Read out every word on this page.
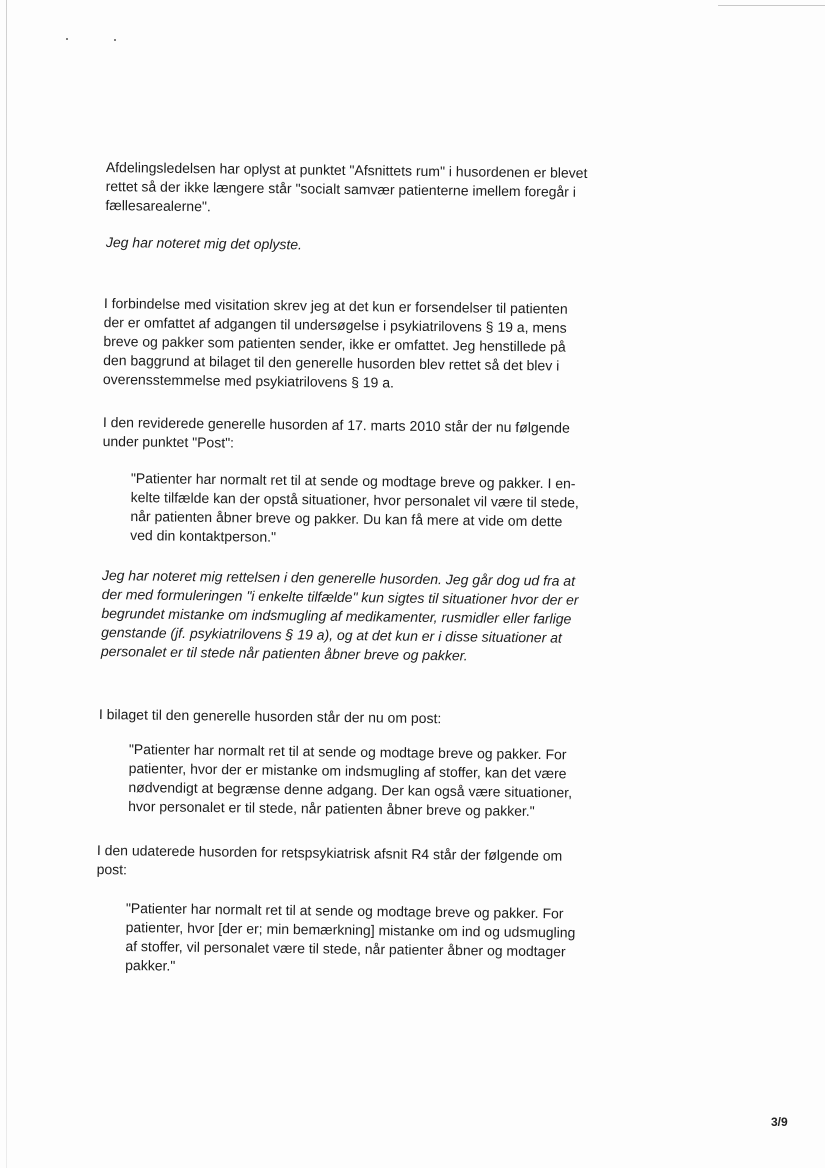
Afdelingsledelsen har oplyst at punktet "Afsnittets rum" i husordenen er blevet
rettet så der ikke længere står "socialt samvær patienterne imellem foregår i
fællesarealerne".

Jeg har noteret mig det oplyste.

I forbindelse med visitation skrev jeg at det kun er forsendelser til patienten
der er omfattet af adgangen til undersøgelse i psykiatrilovens § 19 a, mens
breve og pakker som patienten sender, ikke er omfattet. Jeg henstillede på
den baggrund at bilaget til den generelle husorden blev rettet så det blev i
overensstemmelse med psykiatrilovens § 19 a.

I den reviderede generelle husorden af 17. marts 2010 står der nu følgende
under punktet "Post":

"Patienter har normalt ret til at sende og modtage breve og pakker. I en-
kelte tilfælde kan der opstå situationer, hvor personalet vil være til stede,
når patienten åbner breve og pakker. Du kan få mere at vide om dette
ved din kontaktperson."

Jeg har noteret mig rettelsen i den generelle husorden. Jeg går dog ud fra at
der med formuleringen "i enkelte tilfælde" kun sigtes til situationer hvor der er
begrundet mistanke om indsmugling af medikamenter, rusmidler eller farlige
genstande (jf. psykiatrilovens § 19 a), og at det kun er i disse situationer at
personalet er til stede når patienten åbner breve og pakker.

I bilaget til den generelle husorden står der nu om post:

"Patienter har normalt ret til at sende og modtage breve og pakker. For
patienter, hvor der er mistanke om indsmugling af stoffer, kan det være
nødvendigt at begrænse denne adgang. Der kan også være situationer,
hvor personalet er til stede, når patienten åbner breve og pakker."

I den udaterede husorden for retspsykiatrisk afsnit R4 står der følgende om
post:

"Patienter har normalt ret til at sende og modtage breve og pakker. For
patienter, hvor [der er; min bemærkning] mistanke om ind og udsmugling
af stoffer, vil personalet være til stede, når patienter åbner og modtager
pakker."

3/9
